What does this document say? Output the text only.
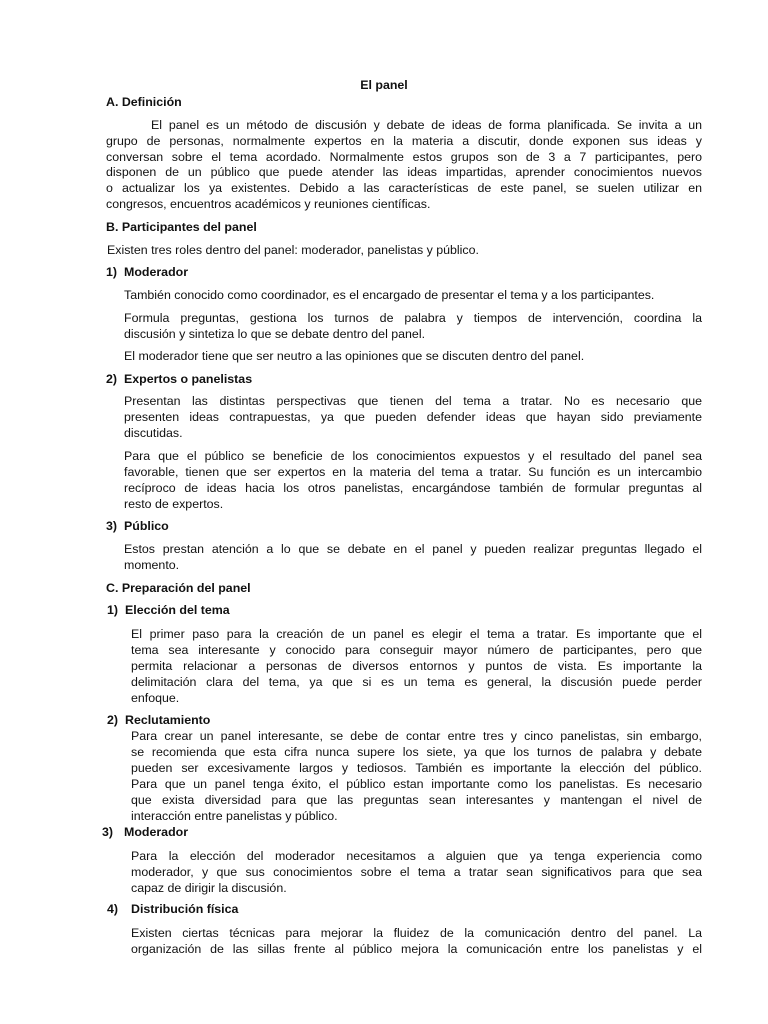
El panel
A. Definición
El panel es un método de discusión y debate de ideas de forma planificada. Se invita a un
grupo de personas, normalmente expertos en la materia a discutir, donde exponen sus ideas y
conversan sobre el tema acordado. Normalmente estos grupos son de 3 a 7 participantes, pero
disponen de un público que puede atender las ideas impartidas, aprender conocimientos nuevos
o actualizar los ya existentes. Debido a las características de este panel, se suelen utilizar en
congresos, encuentros académicos y reuniones científicas.
B. Participantes del panel
Existen tres roles dentro del panel: moderador, panelistas y público.
1) Moderador
También conocido como coordinador, es el encargado de presentar el tema y a los participantes.
Formula preguntas, gestiona los turnos de palabra y tiempos de intervención, coordina la
discusión y sintetiza lo que se debate dentro del panel.
El moderador tiene que ser neutro a las opiniones que se discuten dentro del panel.
2) Expertos o panelistas
Presentan las distintas perspectivas que tienen del tema a tratar. No es necesario que
presenten ideas contrapuestas, ya que pueden defender ideas que hayan sido previamente
discutidas.
Para que el público se beneficie de los conocimientos expuestos y el resultado del panel sea
favorable, tienen que ser expertos en la materia del tema a tratar. Su función es un intercambio
recíproco de ideas hacia los otros panelistas, encargándose también de formular preguntas al
resto de expertos.
3) Público
Estos prestan atención a lo que se debate en el panel y pueden realizar preguntas llegado el
momento.
C. Preparación del panel
1) Elección del tema
El primer paso para la creación de un panel es elegir el tema a tratar. Es importante que el
tema sea interesante y conocido para conseguir mayor número de participantes, pero que
permita relacionar a personas de diversos entornos y puntos de vista. Es importante la
delimitación clara del tema, ya que si es un tema es general, la discusión puede perder
enfoque.
2) Reclutamiento
Para crear un panel interesante, se debe de contar entre tres y cinco panelistas, sin embargo,
se recomienda que esta cifra nunca supere los siete, ya que los turnos de palabra y debate
pueden ser excesivamente largos y tediosos. También es importante la elección del público.
Para que un panel tenga éxito, el público estan importante como los panelistas. Es necesario
que exista diversidad para que las preguntas sean interesantes y mantengan el nivel de
interacción entre panelistas y público.
3) Moderador
Para la elección del moderador necesitamos a alguien que ya tenga experiencia como
moderador, y que sus conocimientos sobre el tema a tratar sean significativos para que sea
capaz de dirigir la discusión.
4) Distribución física
Existen ciertas técnicas para mejorar la fluidez de la comunicación dentro del panel. La
organización de las sillas frente al público mejora la comunicación entre los panelistas y el
